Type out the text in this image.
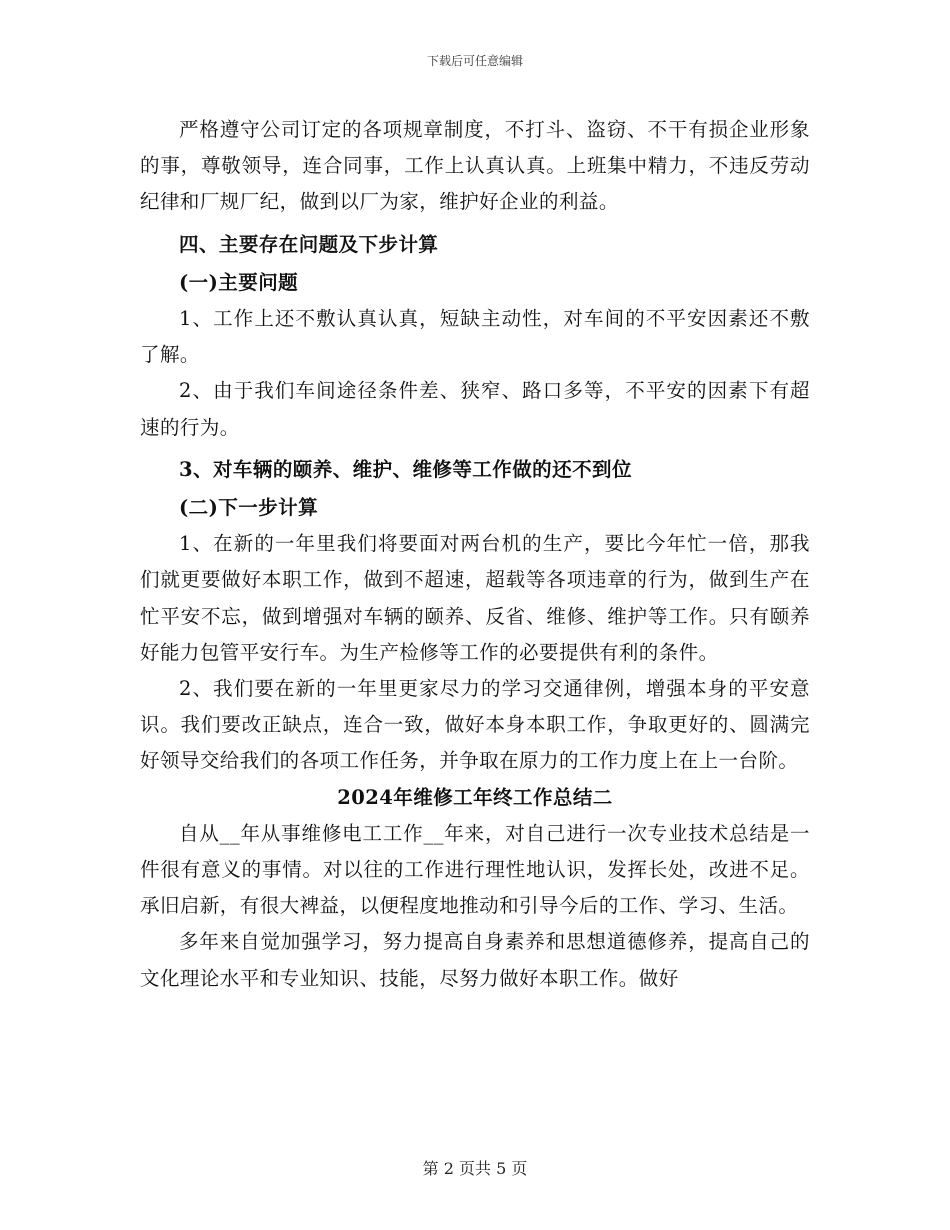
下载后可任意编辑

严格遵守公司订定的各项规章制度，不打斗、盗窃、不干有损企业形象的事，尊敬领导，连合同事，工作上认真认真。上班集中精力，不违反劳动纪律和厂规厂纪，做到以厂为家，维护好企业的利益。

四、主要存在问题及下步计算

(一)主要问题

1、工作上还不敷认真认真，短缺主动性，对车间的不平安因素还不敷了解。

2、由于我们车间途径条件差、狭窄、路口多等，不平安的因素下有超速的行为。

3、对车辆的颐养、维护、维修等工作做的还不到位

(二)下一步计算

1、在新的一年里我们将要面对两台机的生产，要比今年忙一倍，那我们就更要做好本职工作，做到不超速，超载等各项违章的行为，做到生产在忙平安不忘，做到增强对车辆的颐养、反省、维修、维护等工作。只有颐养好能力包管平安行车。为生产检修等工作的必要提供有利的条件。

2、我们要在新的一年里更家尽力的学习交通律例，增强本身的平安意识。我们要改正缺点，连合一致，做好本身本职工作，争取更好的、圆满完好领导交给我们的各项工作任务，并争取在原力的工作力度上在上一台阶。

2024年维修工年终工作总结二

自从__年从事维修电工工作__年来，对自己进行一次专业技术总结是一件很有意义的事情。对以往的工作进行理性地认识，发挥长处，改进不足。承旧启新，有很大裨益，以便程度地推动和引导今后的工作、学习、生活。

多年来自觉加强学习，努力提高自身素养和思想道德修养，提高自己的文化理论水平和专业知识、技能，尽努力做好本职工作。做好

第 2 页共 5 页
